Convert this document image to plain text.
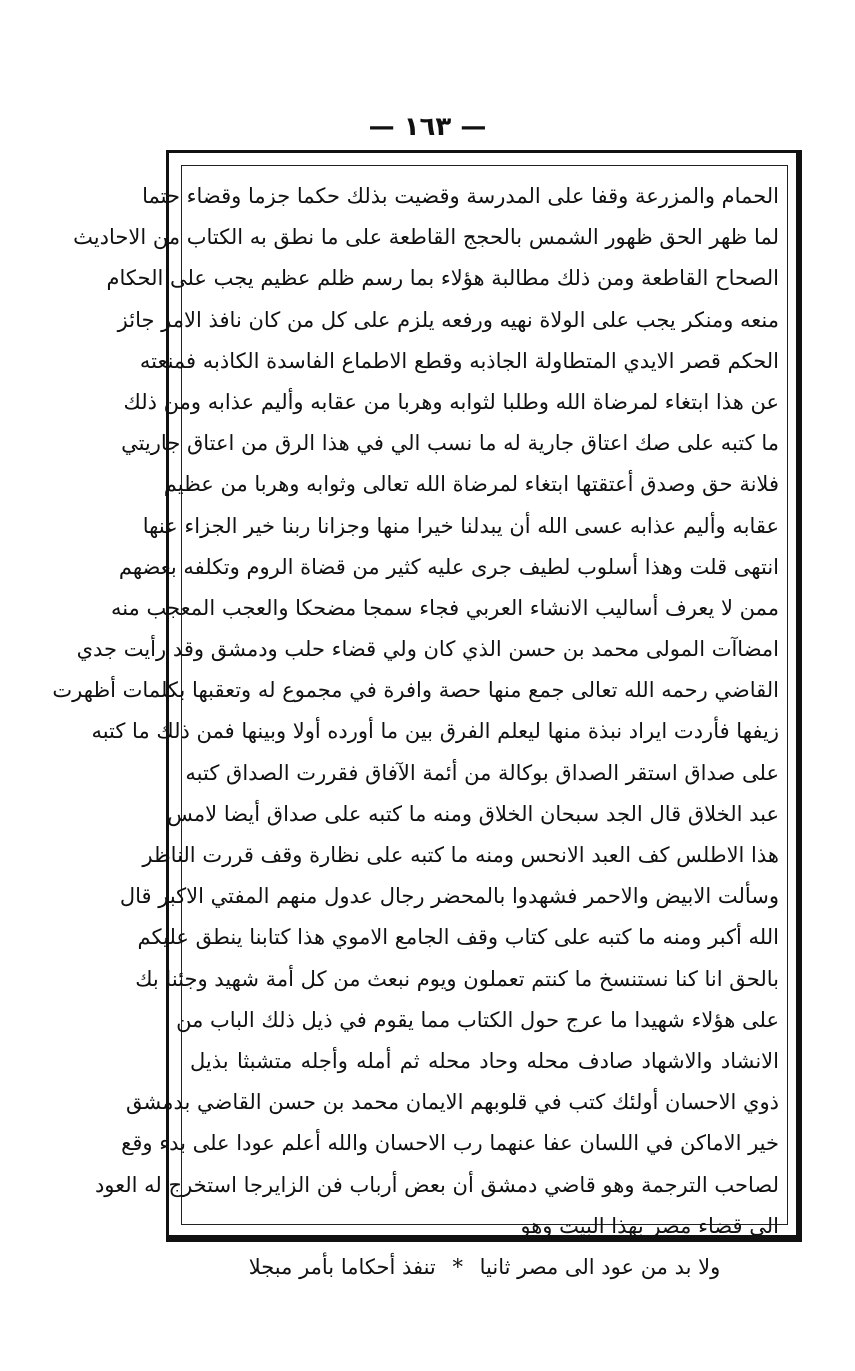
— ١٦٣ —
الحمام والمزرعة وقفا على المدرسة وقضيت بذلك حكما جزما وقضاء حتما
لما ظهر الحق ظهور الشمس بالحجج القاطعة على ما نطق به الكتاب من الاحاديث
الصحاح القاطعة ومن ذلك مطالبة هؤلاء بما رسم ظلم عظيم يجب على الحكام
منعه ومنكر يجب على الولاة نهيه ورفعه يلزم على كل من كان نافذ الامر جائز
الحكم قصر الايدي المتطاولة الجاذبه وقطع الاطماع الفاسدة الكاذبه فمنعته
عن هذا ابتغاء لمرضاة الله وطلبا لثوابه وهربا من عقابه وأليم عذابه ومن ذلك
ما كتبه على صك اعتاق جارية له ما نسب الي في هذا الرق من اعتاق جاريتي
فلانة حق وصدق أعتقتها ابتغاء لمرضاة الله تعالى وثوابه وهربا من عظيم
عقابه وأليم عذابه عسى الله أن يبدلنا خيرا منها وجزانا ربنا خير الجزاء عنها
انتهى قلت وهذا أسلوب لطيف جرى عليه كثير من قضاة الروم وتكلفه بعضهم
ممن لا يعرف أساليب الانشاء العربي فجاء سمجا مضحكا والعجب المعجب منه
امضاآت المولى محمد بن حسن الذي كان ولي قضاء حلب ودمشق وقد رأيت جدي
القاضي رحمه الله تعالى جمع منها حصة وافرة في مجموع له وتعقبها بكلمات أظهرت
زيفها فأردت ايراد نبذة منها ليعلم الفرق بين ما أورده أولا وبينها فمن ذلك ما كتبه
على صداق استقر الصداق بوكالة من أئمة الآفاق فقررت الصداق كتبه
عبد الخلاق قال الجد سبحان الخلاق ومنه ما كتبه على صداق أيضا لامس
هذا الاطلس كف العبد الانحس ومنه ما كتبه على نظارة وقف قررت الناظر
وسألت الابيض والاحمر فشهدوا بالمحضر رجال عدول منهم المفتي الاكبر قال
الله أكبر ومنه ما كتبه على كتاب وقف الجامع الاموي هذا كتابنا ينطق عليكم
بالحق انا كنا نستنسخ ما كنتم تعملون ويوم نبعث من كل أمة شهيد وجئنا بك
على هؤلاء شهيدا ما عرج حول الكتاب مما يقوم في ذيل ذلك الباب من
الانشاد والاشهاد صادف محله وحاد محله ثم أمله وأجله متشبثا بذيل
ذوي الاحسان أولئك كتب في قلوبهم الايمان محمد بن حسن القاضي بدمشق
خير الاماكن في اللسان عفا عنهما رب الاحسان والله أعلم عودا على بدء وقع
لصاحب الترجمة وهو قاضي دمشق أن بعض أرباب فن الزايرجا استخرج له العود
الى قضاء مصر بهذا البيت وهو
ولا بد من عود الى مصر ثانيا * تنفذ أحكاما بأمر مبجلا
